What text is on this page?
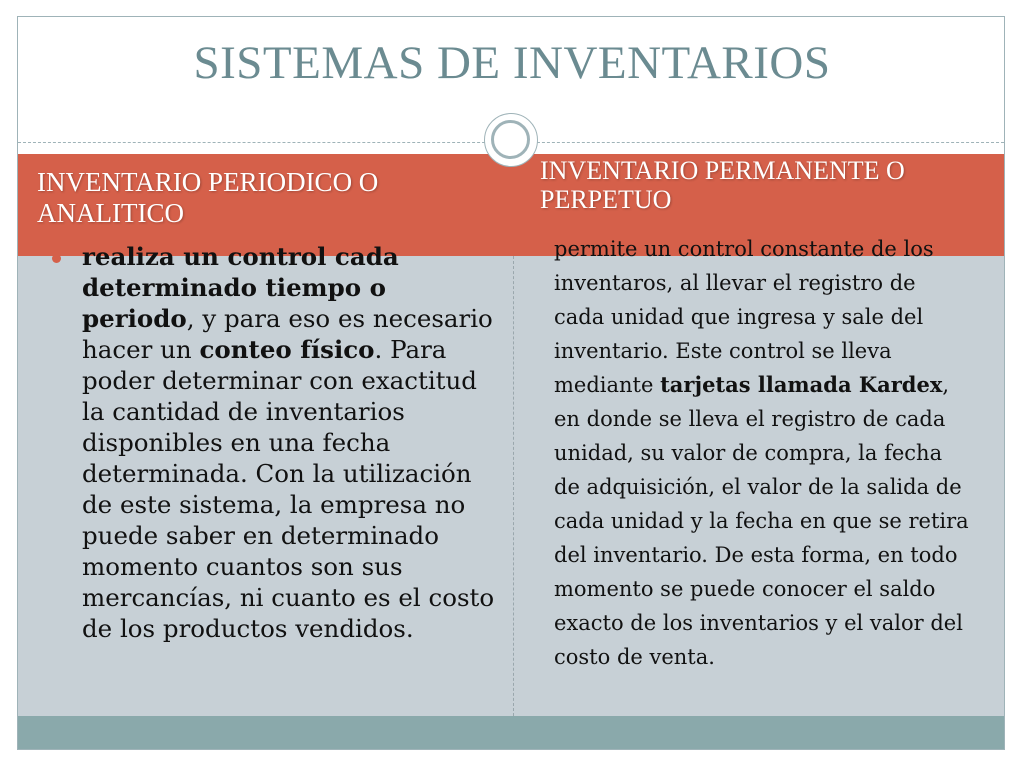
SISTEMAS DE INVENTARIOS
INVENTARIO PERIODICO O ANALITICO
INVENTARIO PERMANENTE O PERPETUO
realiza un control cada determinado tiempo o periodo, y para eso es necesario hacer un conteo físico. Para poder determinar con exactitud la cantidad de inventarios disponibles en una fecha determinada. Con la utilización de este sistema, la empresa no puede saber en determinado momento cuantos son sus mercancías, ni cuanto es el costo de los productos vendidos.

permite un control constante de los inventaros, al llevar el registro de cada unidad que ingresa y sale del inventario. Este control se lleva mediante tarjetas llamada Kardex, en donde se lleva el registro de cada unidad, su valor de compra, la fecha de adquisición, el valor de la salida de cada unidad y la fecha en que se retira del inventario. De esta forma, en todo momento se puede conocer el saldo exacto de los inventarios y el valor del costo de venta.
